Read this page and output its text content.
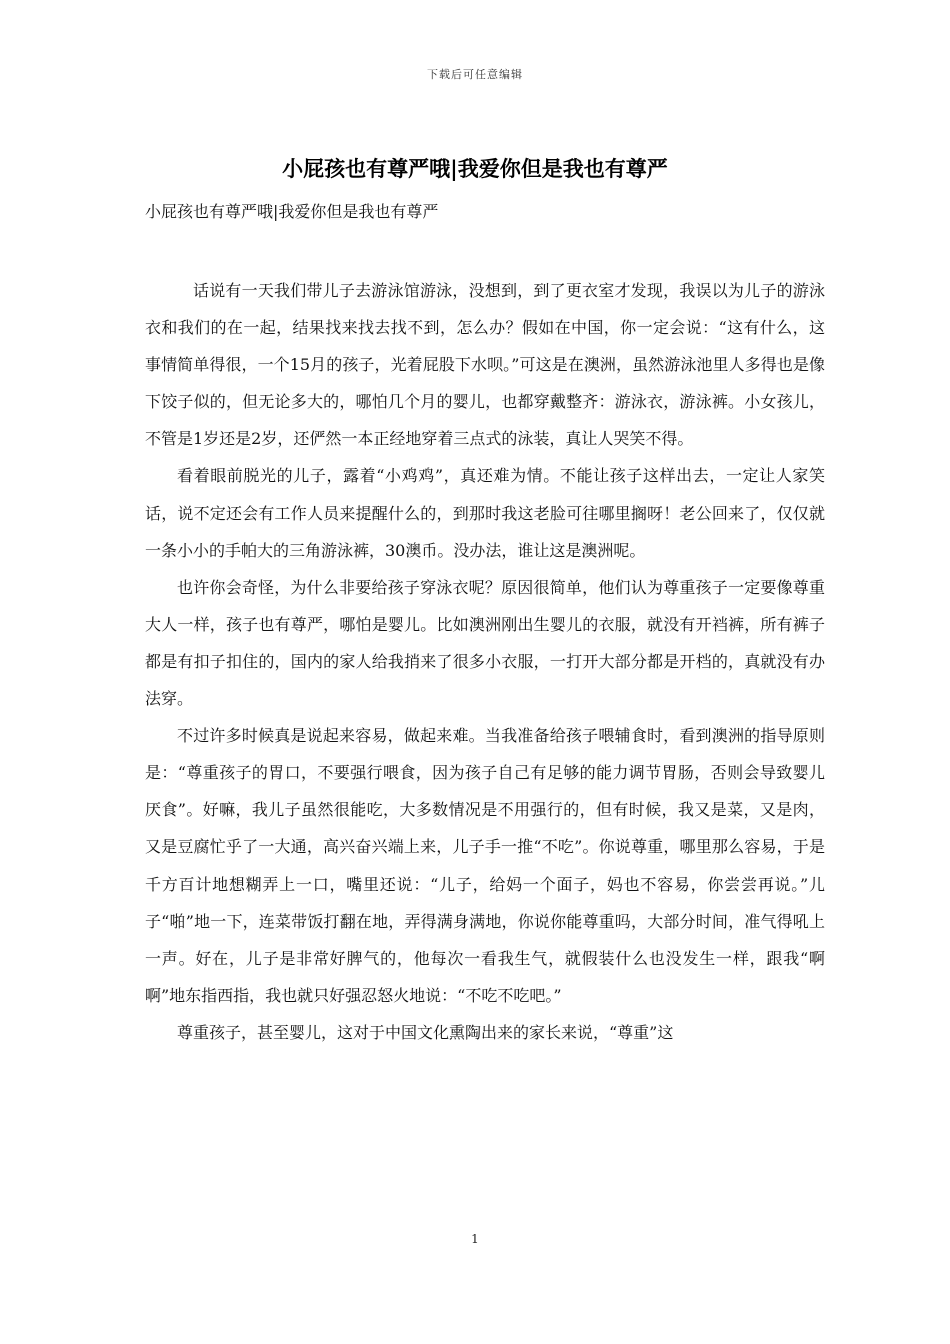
下载后可任意编辑
小屁孩也有尊严哦|我爱你但是我也有尊严
小屁孩也有尊严哦|我爱你但是我也有尊严

话说有一天我们带儿子去游泳馆游泳，没想到，到了更衣室才发现，我误以为儿子的游泳衣和我们的在一起，结果找来找去找不到，怎么办？假如在中国，你一定会说：“这有什么，这事情简单得很，一个15月的孩子，光着屁股下水呗。”可这是在澳洲，虽然游泳池里人多得也是像下饺子似的，但无论多大的，哪怕几个月的婴儿，也都穿戴整齐：游泳衣，游泳裤。小女孩儿，不管是1岁还是2岁，还俨然一本正经地穿着三点式的泳装，真让人哭笑不得。

看着眼前脱光的儿子，露着“小鸡鸡”，真还难为情。不能让孩子这样出去，一定让人家笑话，说不定还会有工作人员来提醒什么的，到那时我这老脸可往哪里搁呀！老公回来了，仅仅就一条小小的手帕大的三角游泳裤，30澳币。没办法，谁让这是澳洲呢。

也许你会奇怪，为什么非要给孩子穿泳衣呢？原因很简单，他们认为尊重孩子一定要像尊重大人一样，孩子也有尊严，哪怕是婴儿。比如澳洲刚出生婴儿的衣服，就没有开裆裤，所有裤子都是有扣子扣住的，国内的家人给我捎来了很多小衣服，一打开大部分都是开档的，真就没有办法穿。

不过许多时候真是说起来容易，做起来难。当我准备给孩子喂辅食时，看到澳洲的指导原则是：“尊重孩子的胃口，不要强行喂食，因为孩子自己有足够的能力调节胃肠，否则会导致婴儿厌食”。好嘛，我儿子虽然很能吃，大多数情况是不用强行的，但有时候，我又是菜，又是肉，又是豆腐忙乎了一大通，高兴奋兴端上来，儿子手一推“不吃”。你说尊重，哪里那么容易，于是千方百计地想糊弄上一口，嘴里还说：“儿子，给妈一个面子，妈也不容易，你尝尝再说。”儿子“啪”地一下，连菜带饭打翻在地，弄得满身满地，你说你能尊重吗，大部分时间，准气得吼上一声。好在，儿子是非常好脾气的，他每次一看我生气，就假装什么也没发生一样，跟我“啊啊”地东指西指，我也就只好强忍怒火地说：“不吃不吃吧。”

尊重孩子，甚至婴儿，这对于中国文化熏陶出来的家长来说，“尊重”这

1
